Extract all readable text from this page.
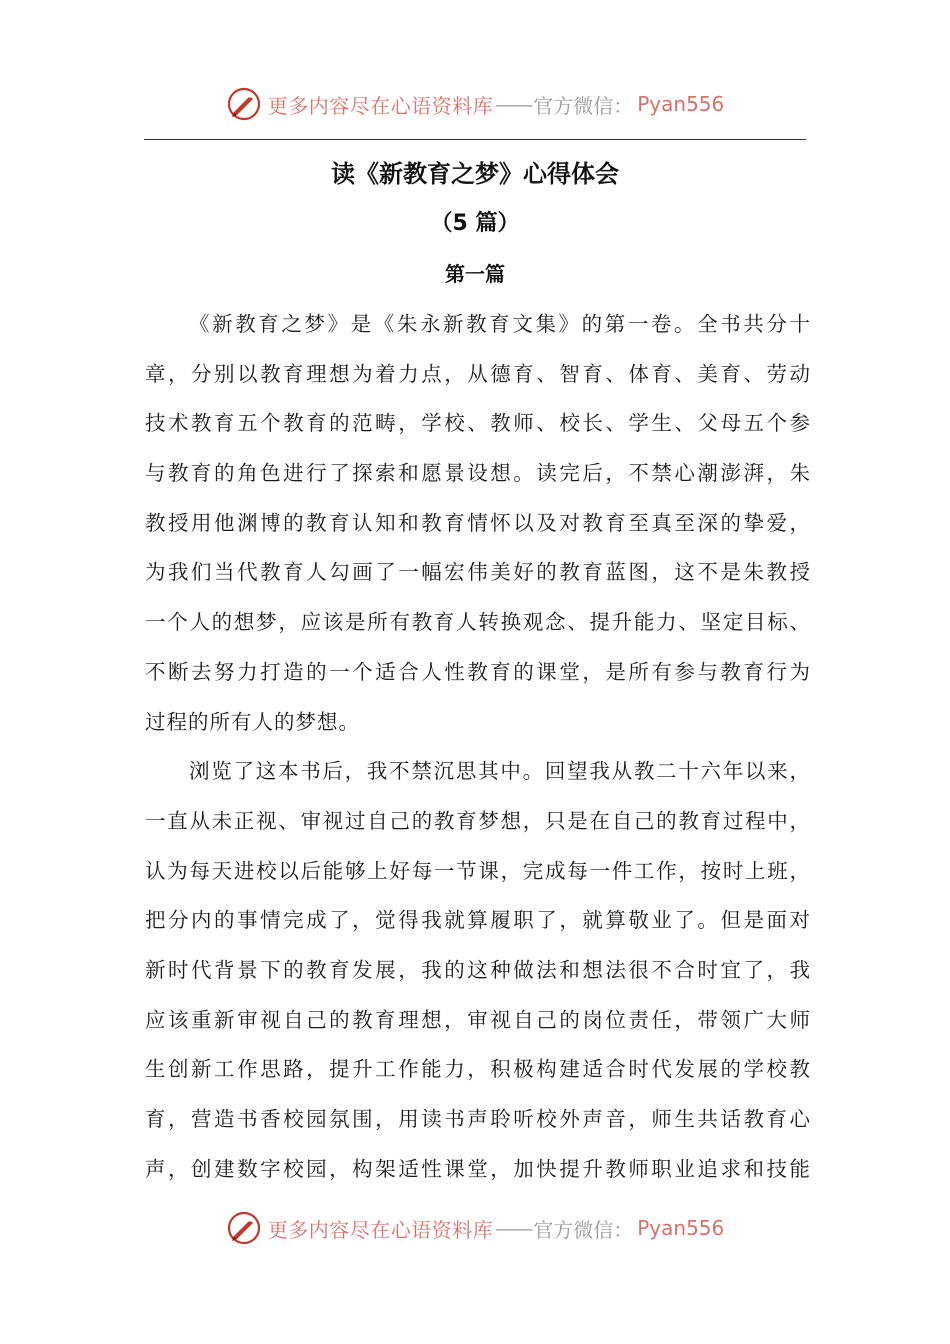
更多内容尽在心语资料库 —— 官方微信： Pyan556
读《新教育之梦》心得体会
（5 篇）
第一篇
《新教育之梦》是《朱永新教育文集》的第一卷。全书共分十
章，分别以教育理想为着力点，从德育、智育、体育、美育、劳动
技术教育五个教育的范畴，学校、教师、校长、学生、父母五个参
与教育的角色进行了探索和愿景设想。读完后，不禁心潮澎湃，朱
教授用他渊博的教育认知和教育情怀以及对教育至真至深的挚爱，
为我们当代教育人勾画了一幅宏伟美好的教育蓝图，这不是朱教授
一个人的想梦，应该是所有教育人转换观念、提升能力、坚定目标、
不断去努力打造的一个适合人性教育的课堂，是所有参与教育行为
过程的所有人的梦想。
浏览了这本书后，我不禁沉思其中。回望我从教二十六年以来，
一直从未正视、审视过自己的教育梦想，只是在自己的教育过程中，
认为每天进校以后能够上好每一节课，完成每一件工作，按时上班，
把分内的事情完成了，觉得我就算履职了，就算敬业了。但是面对
新时代背景下的教育发展，我的这种做法和想法很不合时宜了，我
应该重新审视自己的教育理想，审视自己的岗位责任，带领广大师
生创新工作思路，提升工作能力，积极构建适合时代发展的学校教
育，营造书香校园氛围，用读书声聆听校外声音，师生共话教育心
声，创建数字校园，构架适性课堂，加快提升教师职业追求和技能
更多内容尽在心语资料库 —— 官方微信： Pyan556
